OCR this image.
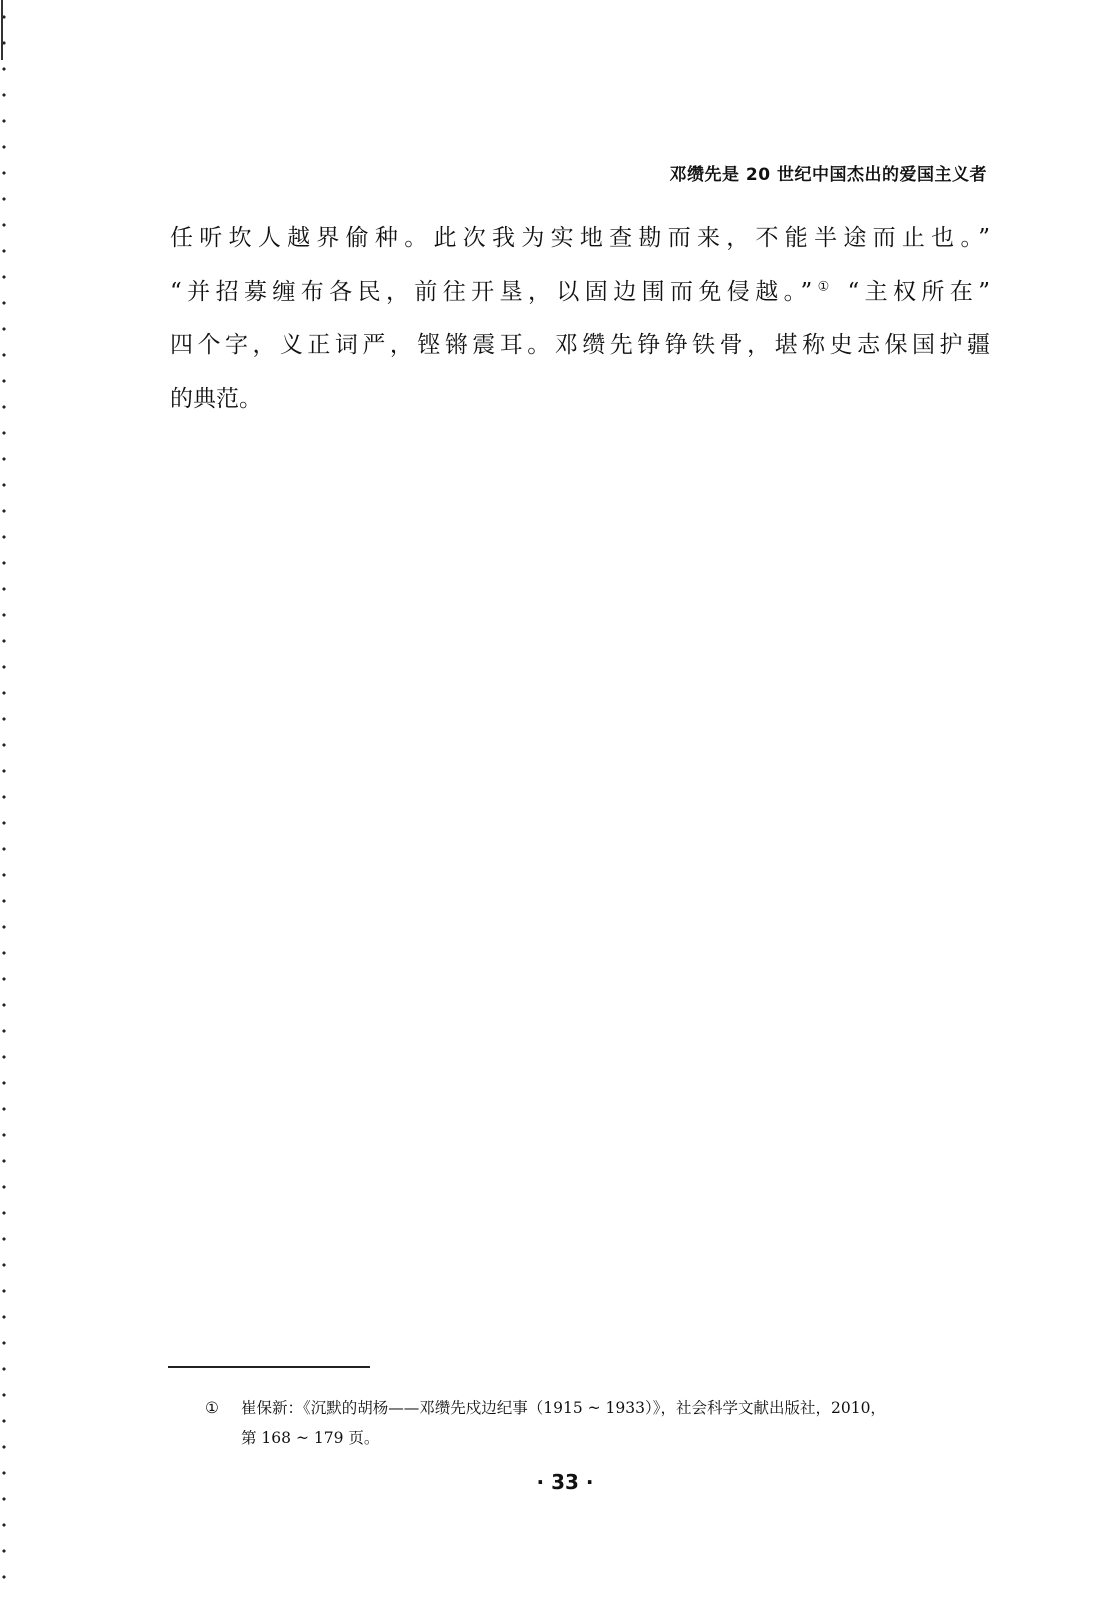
邓缵先是 20 世纪中国杰出的爱国主义者
任听坎人越界偷种。此次我为实地查勘而来，不能半途而止也。”
“并招募缠布各民，前往开垦，以固边围而免侵越。”① “主权所在”
四个字，义正词严，铿锵震耳。邓缵先铮铮铁骨，堪称史志保国护疆
的典范。
① 崔保新：《沉默的胡杨——邓缵先戍边纪事（1915 ~ 1933）》，社会科学文献出版社，2010，
第 168 ~ 179 页。
· 33 ·
